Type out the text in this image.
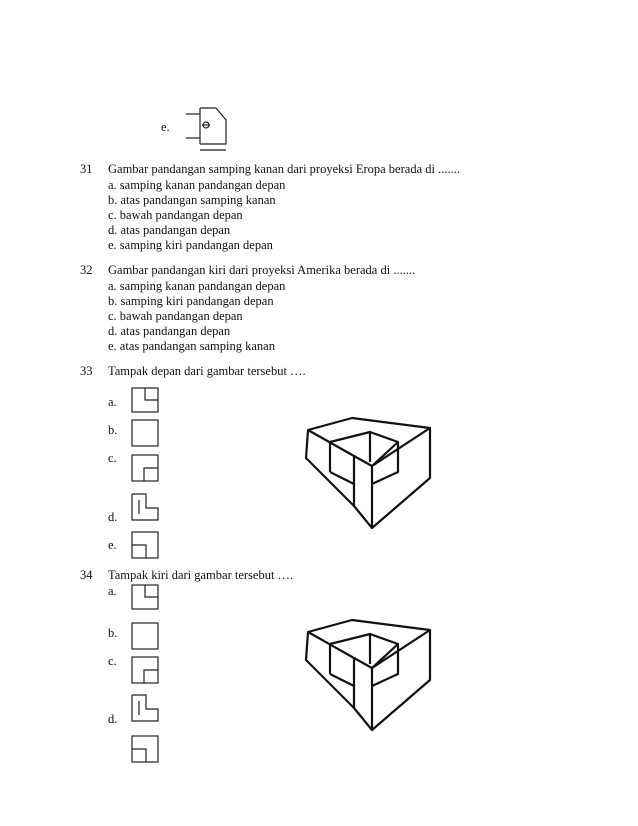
e.
31 Gambar pandangan samping kanan dari proyeksi Eropa berada di .......
a. samping kanan pandangan depan
b. atas pandangan samping kanan
c. bawah pandangan depan
d. atas pandangan depan
e. samping kiri pandangan depan
32 Gambar pandangan kiri dari proyeksi Amerika berada di .......
a. samping kanan pandangan depan
b. samping kiri pandangan depan
c. bawah pandangan depan
d. atas pandangan depan
e. atas pandangan samping kanan
33 Tampak depan dari gambar tersebut ….
a.
b.
c.
d.
e.
34 Tampak kiri dari gambar tersebut ….
a.
b.
c.
d.
